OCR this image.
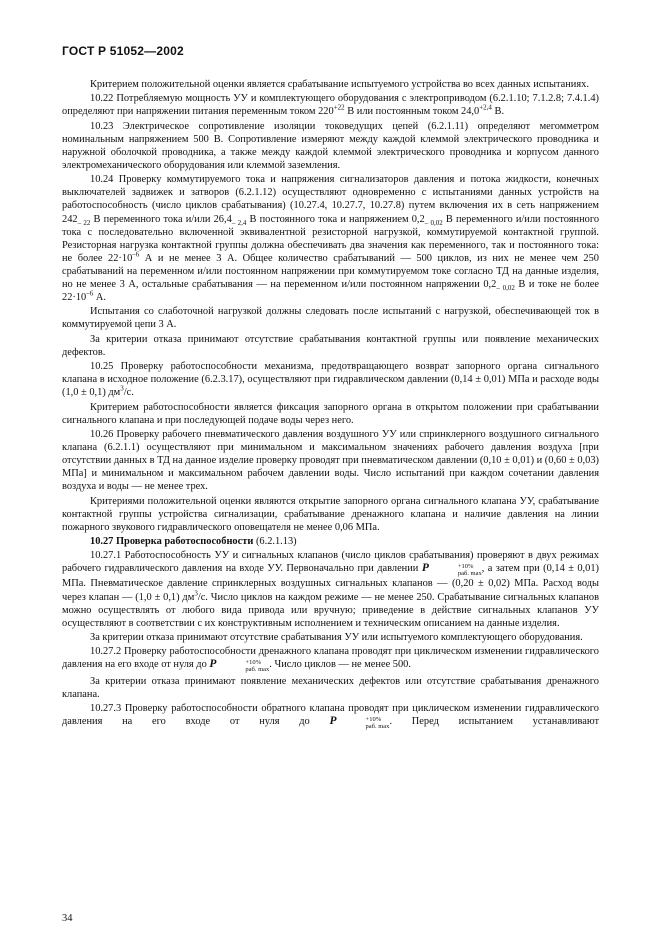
ГОСТ Р 51052—2002

Критерием положительной оценки является срабатывание испытуемого устройства во всех данных испытаниях.

10.22 Потребляемую мощность УУ и комплектующего оборудования с электроприводом (6.2.1.10; 7.1.2.8; 7.4.1.4) определяют при напряжении питания переменным током $220^{+22}$ В или постоянным током $24,0^{+2,4}$ В.

10.23 Электрическое сопротивление изоляции токоведущих цепей (6.2.1.11) определяют мегомметром номинальным напряжением 500 В. Сопротивление измеряют между каждой клеммой электрического проводника и наружной оболочкой проводника, а также между каждой клеммой электрического проводника и корпусом данного электромеханического оборудования или клеммой заземления.

10.24 Проверку коммутируемого тока и напряжения сигнализаторов давления и потока жидкости, конечных выключателей задвижек и затворов (6.2.1.12) осуществляют одновременно с испытаниями данных устройств на работоспособность (число циклов срабатывания) (10.27.4, 10.27.7, 10.27.8) путем включения их в сеть напряжением $242_{- 22}$ В переменного тока и/или $26,4_{- 2,4}$ В постоянного тока и напряжением $0,2_{- 0,02}$ В переменного и/или постоянного тока с последовательно включенной эквивалентной резисторной нагрузкой, коммутируемой контактной группой. Резисторная нагрузка контактной группы должна обеспечивать два значения как переменного, так и постоянного тока: не более $22\cdot 10^{-6}$ А и не менее 3 А. Общее количество срабатываний — 500 циклов, из них не менее чем 250 срабатываний на переменном и/или постоянном напряжении при коммутируемом токе согласно ТД на данные изделия, но не менее 3 А, остальные срабатывания — на переменном и/или постоянном напряжении $0,2_{- 0,02}$ В и токе не более $22\cdot 10^{-6}$ А.

Испытания со слаботочной нагрузкой должны следовать после испытаний с нагрузкой, обеспечивающей ток в коммутируемой цепи 3 А.

За критерии отказа принимают отсутствие срабатывания контактной группы или появление механических дефектов.

10.25 Проверку работоспособности механизма, предотвращающего возврат запорного органа сигнального клапана в исходное положение (6.2.3.17), осуществляют при гидравлическом давлении (0,14 ± 0,01) МПа и расходе воды (1,0 ± 0,1) $дм^3/с$.

Критерием работоспособности является фиксация запорного органа в открытом положении при срабатывании сигнального клапана и при последующей подаче воды через него.

10.26 Проверку рабочего пневматического давления воздушного УУ или спринклерного воздушного сигнального клапана (6.2.1.1) осуществляют при минимальном и максимальном значениях рабочего давления воздуха [при отсутствии данных в ТД на данное изделие проверку проводят при пневматическом давлении (0,10 ± 0,01) и (0,60 ± 0,03) МПа] и минимальном и максимальном рабочем давлении воды. Число испытаний при каждом сочетании давления воздуха и воды — не менее трех.

Критериями положительной оценки являются открытие запорного органа сигнального клапана УУ, срабатывание контактной группы устройства сигнализации, срабатывание дренажного клапана и наличие давления на линии пожарного звукового гидравлического оповещателя не менее 0,06 МПа.

10.27 Проверка работоспособности (6.2.1.13)

10.27.1 Работоспособность УУ и сигнальных клапанов (число циклов срабатывания) проверяют в двух режимах рабочего гидравлического давления на входе УУ. Первоначально при давлении P	+10%
раб. max , а затем при (0,14 ± 0,01) МПа. Пневматическое давление спринклерных воздушных сигнальных клапанов — (0,20 ± 0,02) МПа. Расход воды через клапан — (1,0 ± 0,1) $дм^3/с$. Число циклов на каждом режиме — не менее 250. Срабатывание сигнальных клапанов можно осуществлять от любого вида привода или вручную; приведение в действие сигнальных клапанов УУ осуществляют в соответствии с их конструктивным исполнением и техническим описанием на данные изделия.

За критерии отказа принимают отсутствие срабатывания УУ или испытуемого комплектующего оборудования.

10.27.2 Проверку работоспособности дренажного клапана проводят при циклическом изменении гидравлического давления на его входе от нуля до P	+10%
раб. max . Число циклов — не менее 500.

За критерии отказа принимают появление механических дефектов или отсутствие срабатывания дренажного клапана.

10.27.3 Проверку работоспособности обратного клапана проводят при циклическом изменении гидравлического давления на его входе от нуля до P	+10%
раб. max . Перед испытанием устанавливают

34
